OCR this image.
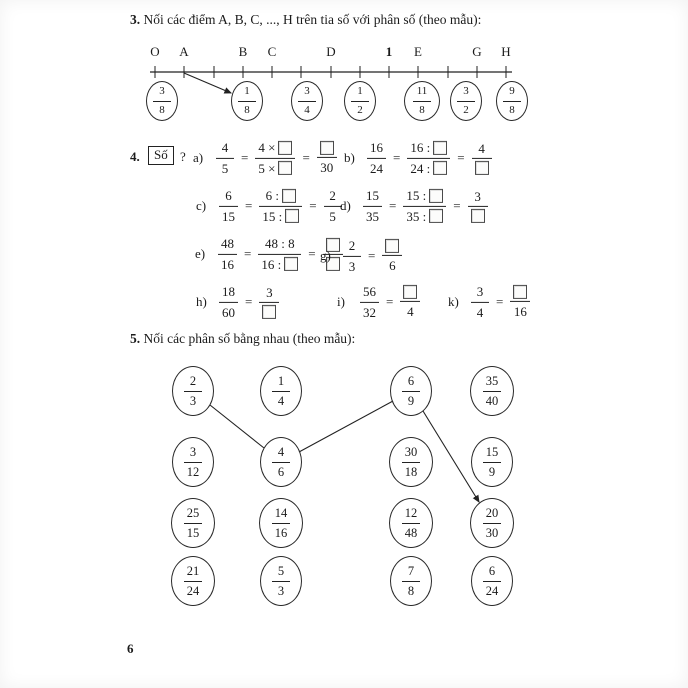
3. Nối các điểm A, B, C, ..., H trên tia số với phân số (theo mẫu):
O A	B C	D	1 E	G H
$\frac{3}{8}$	$\frac{1}{8}$	$\frac{3}{4}$	$\frac{1}{2}$	$\frac{11}{8} \frac{3}{2}$	$\frac{9}{8}$
4.	Số ? $a) \frac{4}{5} = \frac{4 \times}{5 \times}$ =
30
$b) \frac{16}{24} = \frac{16 :}{24 :}$ =
4
$c) \frac{6}{15} = \frac{6 :}{15 :} = \frac{2}{5}$
$d) \frac{15}{35} = \frac{15 :}{35 :}$ =
3
$e) \frac{48}{16} = \frac{48 : 8}{16 :} = g) \frac{2}{3}$ =
6
$h) \frac{18}{60}$ =
3
i)	$\frac{56}{32}$ =
4
$k) \frac{3}{4}$ =
16
5. Nối các phân số bằng nhau (theo mẫu):
$\frac{2}{3}$	$\frac{1}{4}$	$\frac{6}{9}$	$\frac{35}{40}$
$\frac{3}{12}$	$\frac{4}{6}$	$\frac{30}{18}$	$\frac{15}{9}$
$\frac{25}{15}$	$\frac{14}{16}$	$\frac{12}{48}$	$\frac{20}{30}$
$\frac{21}{24}$	$\frac{5}{3}$	$\frac{7}{8}$	$\frac{6}{24}$
6
